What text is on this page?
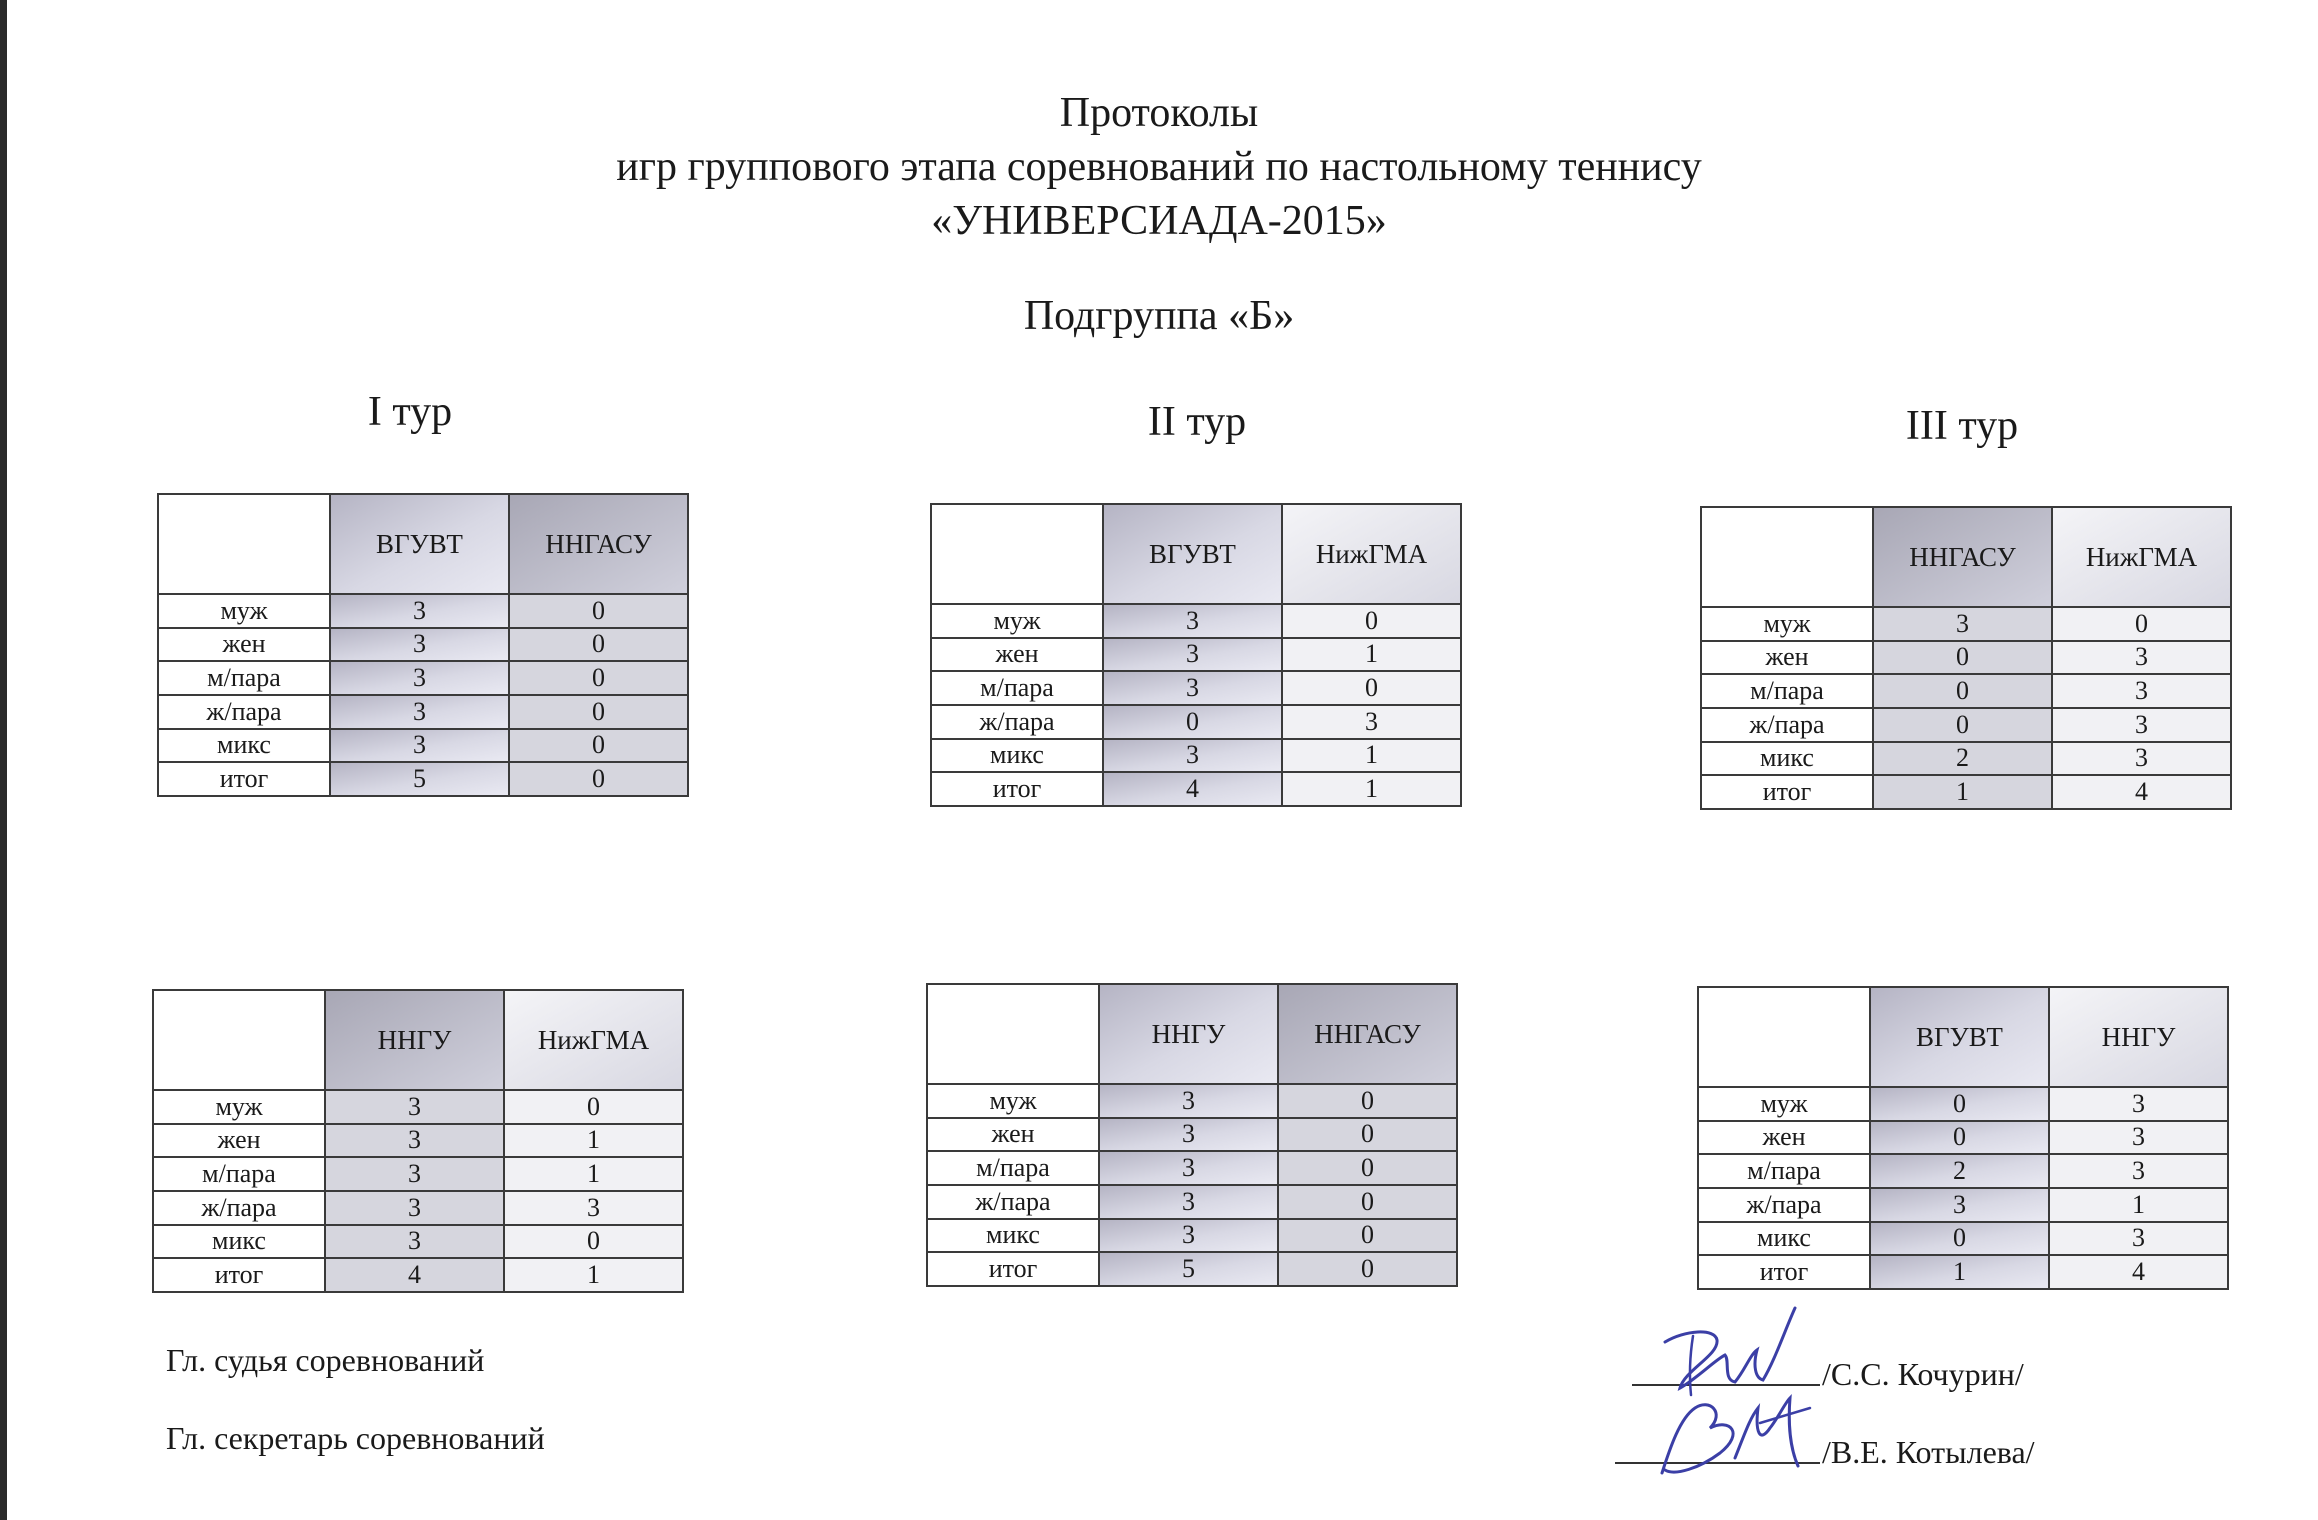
Протоколы
игр группового этапа соревнований по настольному теннису
«УНИВЕРСИАДА-2015»
Подгруппа «Б»
I тур	II тур	III тур
	ВГУВТ	ННГАСУ
муж	3	0
жен	3	0
м/пара	3	0
ж/пара	3	0
микс	3	0
итог	5	0
	ВГУВТ	НижГМА
муж	3	0
жен	3	1
м/пара	3	0
ж/пара	0	3
микс	3	1
итог	4	1
	ННГАСУ	НижГМА
муж	3	0
жен	0	3
м/пара	0	3
ж/пара	0	3
микс	2	3
итог	1	4
	ННГУ	НижГМА
муж	3	0
жен	3	1
м/пара	3	1
ж/пара	3	3
микс	3	0
итог	4	1
	ННГУ	ННГАСУ
муж	3	0
жен	3	0
м/пара	3	0
ж/пара	3	0
микс	3	0
итог	5	0
	ВГУВТ	ННГУ
муж	0	3
жен	0	3
м/пара	2	3
ж/пара	3	1
микс	0	3
итог	1	4
Гл. судья соревнований
Гл. секретарь соревнований
/С.С. Кочурин/
/В.Е. Котылева/
